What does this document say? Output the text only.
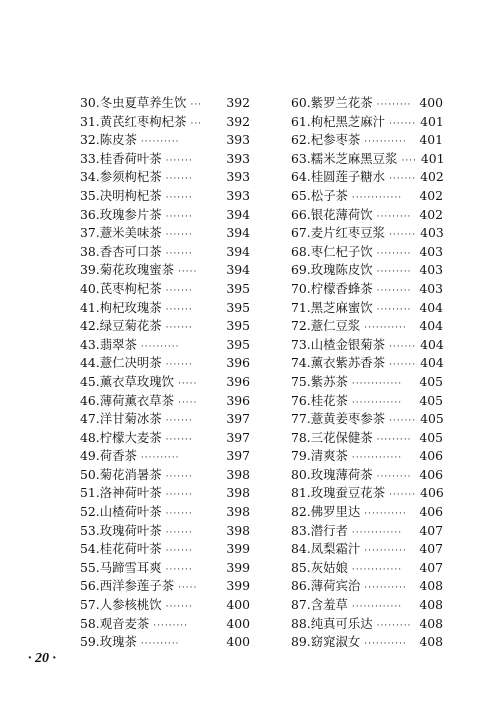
30. 冬虫夏草养生饮 ···	392
31. 黄芪红枣枸杞茶 ···	392
32. 陈皮茶 ··········	393
33. 桂香荷叶茶 ·······	393
34. 参须枸杞茶 ·······	393
35. 决明枸杞茶 ·······	393
36. 玫瑰参片茶 ·······	394
37. 薏米美味茶 ·······	394
38. 香杏可口茶 ·······	394
39. 菊花玫瑰蜜茶 ·····	394
40. 芪枣枸杞茶 ·······	395
41. 枸杞玫瑰茶 ·······	395
42. 绿豆菊花茶 ·······	395
43. 翡翠茶 ··········	395
44. 薏仁决明茶 ·······	396
45. 薰衣草玫瑰饮 ·····	396
46. 薄荷薰衣草茶 ·····	396
47. 洋甘菊冰茶 ·······	397
48. 柠檬大麦茶 ·······	397
49. 荷香茶 ··········	397
50. 菊花消暑茶 ·······	398
51. 洛神荷叶茶 ·······	398
52. 山楂荷叶茶 ·······	398
53. 玫瑰荷叶茶 ·······	398
54. 桂花荷叶茶 ·······	399
55. 马蹄雪耳爽 ·······	399
56. 西洋参莲子茶 ·····	399
57. 人参核桃饮 ·······	400
58. 观音麦茶 ·········	400
59. 玫瑰茶 ··········	400
60. 紫罗兰花茶 ········· 400
61. 枸杞黑芝麻汁 ······· 401
62. 杞参枣茶 ···········	401
63. 糯米芝麻黑豆浆 ···· 401
64. 桂圆莲子糖水 ······· 402
65. 松子茶 ·············	402
66. 银花薄荷饮 ········· 402
67. 麦片红枣豆浆 ······· 403
68. 枣仁杞子饮 ········· 403
69. 玫瑰陈皮饮 ········· 403
70. 柠檬香蜂茶 ········· 403
71. 黑芝麻蜜饮 ········· 404
72. 薏仁豆浆 ···········	404
73. 山楂金银菊茶 ······· 404
74. 薰衣紫苏香茶 ······· 404
75. 紫苏茶 ·············	405
76. 桂花茶 ·············	405
77. 薏黄姜枣参茶 ······· 405
78. 三花保健茶 ········· 405
79. 清爽茶 ·············	406
80. 玫瑰薄荷茶 ········· 406
81. 玫瑰蚕豆花茶 ······· 406
82. 佛罗里达 ···········	406
83. 潜行者 ·············	407
84. 凤梨霜汁 ···········	407
85. 灰姑娘 ·············	407
86. 薄荷宾治 ···········	408
87. 含羞草 ·············	408
88. 纯真可乐达 ········· 408
89. 窈窕淑女 ···········	408
· 20 ·
